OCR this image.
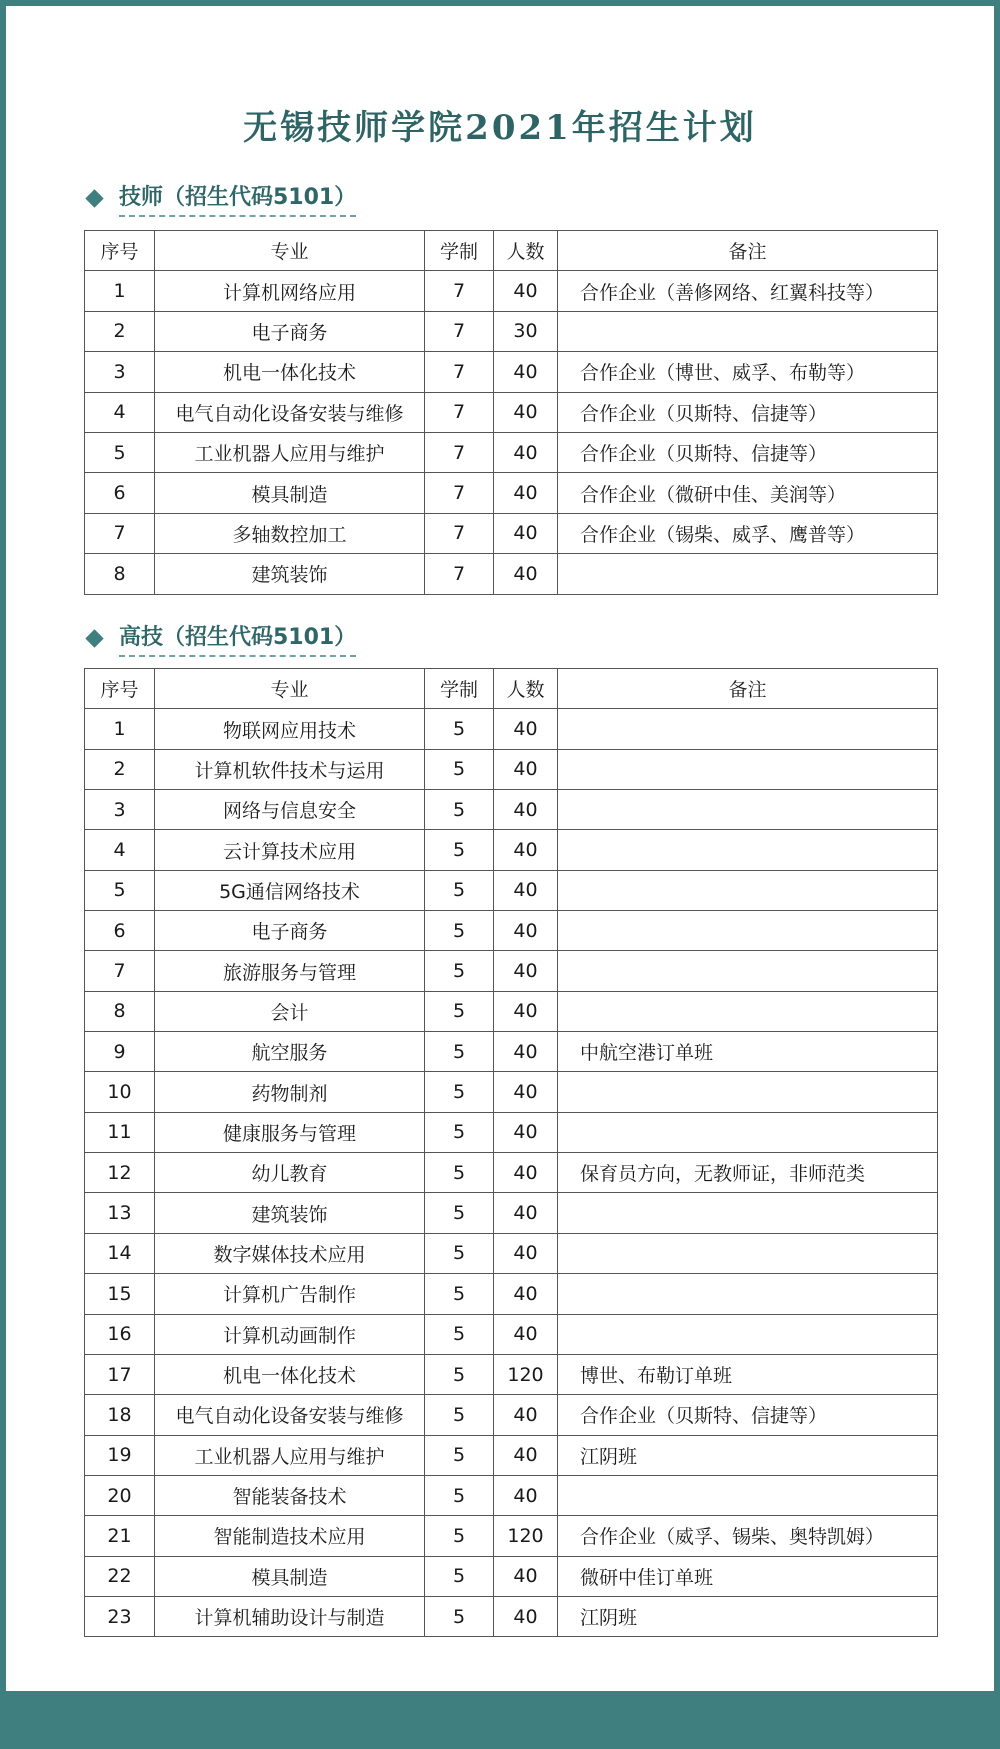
无锡技师学院2021年招生计划
技师（招生代码5101）
序号	专业	学制	人数	备注
1	计算机网络应用	7	40	合作企业（善修网络、红翼科技等）
2	电子商务	7	30	
3	机电一体化技术	7	40	合作企业（博世、威孚、布勒等）
4	电气自动化设备安装与维修	7	40	合作企业（贝斯特、信捷等）
5	工业机器人应用与维护	7	40	合作企业（贝斯特、信捷等）
6	模具制造	7	40	合作企业（微研中佳、美润等）
7	多轴数控加工	7	40	合作企业（锡柴、威孚、鹰普等）
8	建筑装饰	7	40	
高技（招生代码5101）
序号	专业	学制	人数	备注
1	物联网应用技术	5	40	
2	计算机软件技术与运用	5	40	
3	网络与信息安全	5	40	
4	云计算技术应用	5	40	
5	5G通信网络技术	5	40	
6	电子商务	5	40	
7	旅游服务与管理	5	40	
8	会计	5	40	
9	航空服务	5	40	中航空港订单班
10	药物制剂	5	40	
11	健康服务与管理	5	40	
12	幼儿教育	5	40	保育员方向，无教师证，非师范类
13	建筑装饰	5	40	
14	数字媒体技术应用	5	40	
15	计算机广告制作	5	40	
16	计算机动画制作	5	40	
17	机电一体化技术	5	120	博世、布勒订单班
18	电气自动化设备安装与维修	5	40	合作企业（贝斯特、信捷等）
19	工业机器人应用与维护	5	40	江阴班
20	智能装备技术	5	40	
21	智能制造技术应用	5	120	合作企业（威孚、锡柴、奥特凯姆）
22	模具制造	5	40	微研中佳订单班
23	计算机辅助设计与制造	5	40	江阴班
